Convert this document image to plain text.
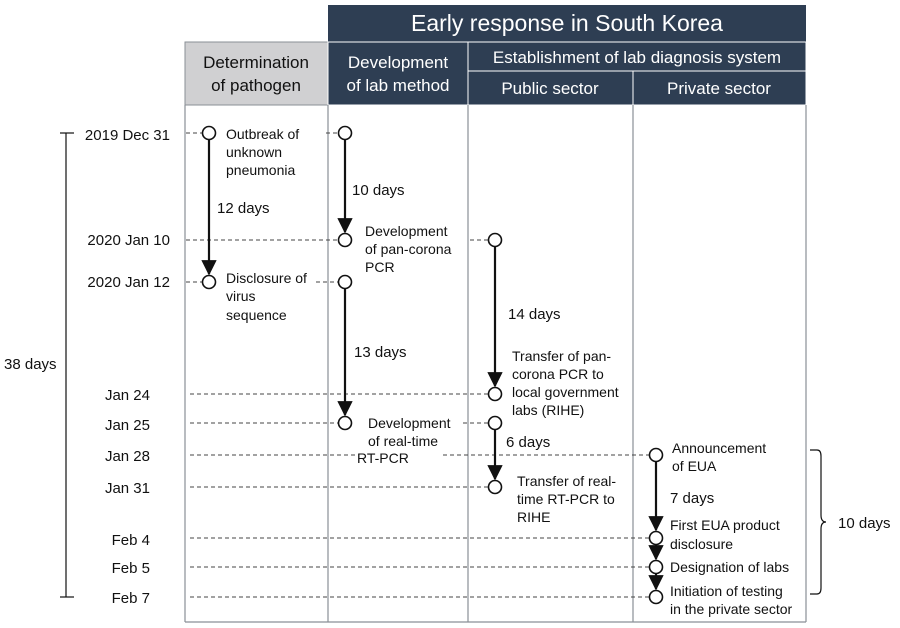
Early response in South Korea
Determination
of pathogen
Development
of lab method
Establishment of lab diagnosis system
Public sector	Private sector
38 days
2019 Dec 31
2020 Jan 10
2020 Jan 12
Jan 24
Jan 25
Jan 28
Jan 31
Feb 4
Feb 5
Feb 7
Outbreak of
unknown
pneumonia
Disclosure of
virus
sequence
Development
of pan-corona
PCR
Development
of real-time
RT-PCR
Transfer of pan-
corona PCR to
local government
labs (RIHE)
Transfer of real-
time RT-PCR to
RIHE
Announcement
of EUA
First EUA product
disclosure
Designation of labs
Initiation of testing
in the private sector
12 days
10 days
13 days
14 days
6 days
7 days
10 days
